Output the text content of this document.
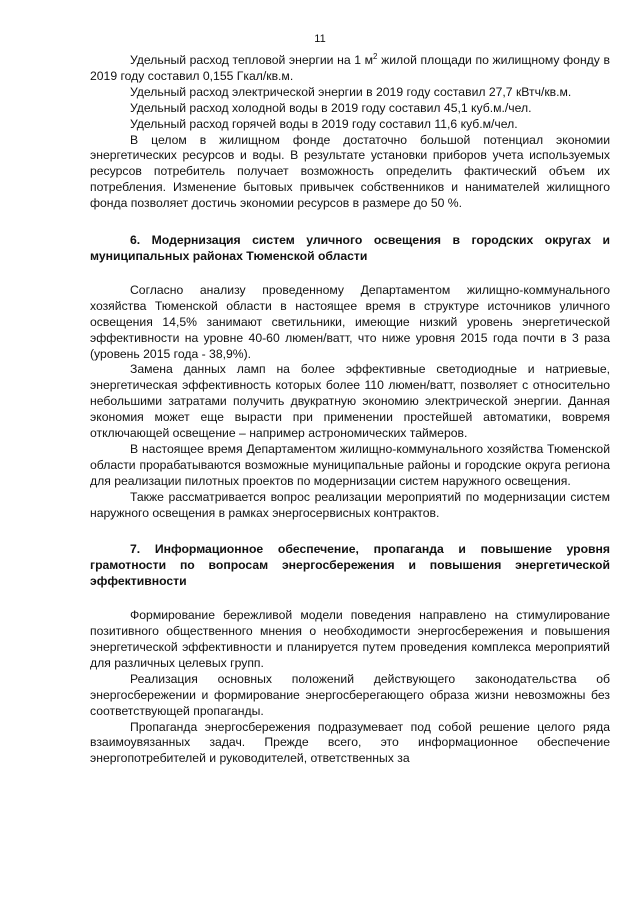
11

Удельный расход тепловой энергии на 1 $м^2$ жилой площади по жилищному фонду в 2019 году составил 0,155 Гкал/кв.м.

Удельный расход электрической энергии в 2019 году составил 27,7 кВтч/кв.м.

Удельный расход холодной воды в 2019 году составил 45,1 куб.м./чел.

Удельный расход горячей воды в 2019 году составил 11,6 куб.м/чел.

В целом в жилищном фонде достаточно большой потенциал экономии энергетических ресурсов и воды. В результате установки приборов учета используемых ресурсов потребитель получает возможность определить фактический объем их потребления. Изменение бытовых привычек собственников и нанимателей жилищного фонда позволяет достичь экономии ресурсов в размере до 50 %.

6. Модернизация систем уличного освещения в городских округах и муниципальных районах Тюменской области

Согласно анализу проведенному Департаментом жилищно-коммунального хозяйства Тюменской области в настоящее время в структуре источников уличного освещения 14,5% занимают светильники, имеющие низкий уровень энергетической эффективности на уровне 40-60 люмен/ватт, что ниже уровня 2015 года почти в 3 раза (уровень 2015 года - 38,9%).

Замена данных ламп на более эффективные светодиодные и натриевые, энергетическая эффективность которых более 110 люмен/ватт, позволяет с относительно небольшими затратами получить двукратную экономию электрической энергии. Данная экономия может еще вырасти при применении простейшей автоматики, вовремя отключающей освещение – например астрономических таймеров.

В настоящее время Департаментом жилищно-коммунального хозяйства Тюменской области прорабатываются возможные муниципальные районы и городские округа региона для реализации пилотных проектов по модернизации систем наружного освещения.

Также рассматривается вопрос реализации мероприятий по модернизации систем наружного освещения в рамках энергосервисных контрактов.

7. Информационное обеспечение, пропаганда и повышение уровня грамотности по вопросам энергосбережения и повышения энергетической эффективности

Формирование бережливой модели поведения направлено на стимулирование позитивного общественного мнения о необходимости энергосбережения и повышения энергетической эффективности и планируется путем проведения комплекса мероприятий для различных целевых групп.

Реализация основных положений действующего законодательства об энергосбережении и формирование энергосберегающего образа жизни невозможны без соответствующей пропаганды.

Пропаганда энергосбережения подразумевает под собой решение целого ряда взаимоувязанных задач. Прежде всего, это информационное обеспечение энергопотребителей и руководителей, ответственных за
